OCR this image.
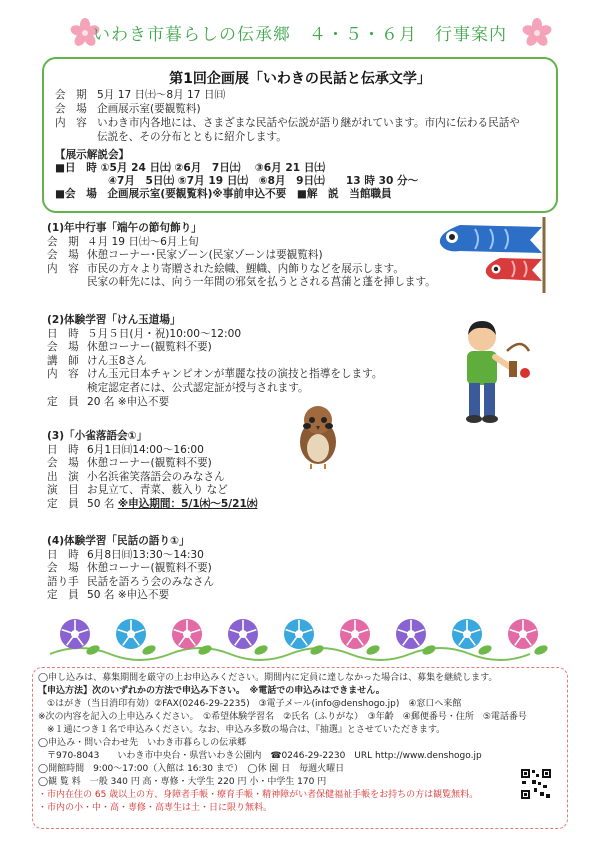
いわき市暮らしの伝承郷　４・５・６月　行事案内
第1回企画展「いわきの民話と伝承文学」
会　期 5月 17 日㈯～8月 17 日㈰
会　場 企画展示室(要観覧料)
内　容 いわき市内各地には、さまざまな民話や伝説が語り継がれています。市内に伝わる民話や
伝説を、その分布とともに紹介します。
【展示解説会】
■日　時 ①5月 24 日㈯ ②6月　7日㈯　 ③6月 21 日㈯
④7月　5日㈯ ⑤7月 19 日㈯　⑥8月　9日㈯　　13 時 30 分～
■会　場　企画展示室(要観覧料)※事前申込不要　■解　説　当館職員
(1)年中行事「端午の節句飾り」
会　期 ４月 19 日㈯～6月上旬
会　場 休憩コーナー･民家ゾーン(民家ゾーンは要観覧料)
内　容 市民の方々より寄贈された絵幟、鯉幟、内飾りなどを展示します。
民家の軒先には、向う一年間の邪気を払うとされる菖蒲と蓬を挿します。
(2)体験学習「けん玉道場」
日　時 ５月５日(月・祝)10:00～12:00
会　場 休憩コーナー(観覧料不要)
講　師 けん玉8さん
内　容 けん玉元日本チャンピオンが華麗な技の演技と指導をします。
検定認定者には、公式認定証が授与されます。
定　員 20 名 ※申込不要
(3)「小雀落語会①」
日　時 6月1日㈰14:00～16:00
会　場 休憩コーナー(観覧料不要)
出　演 小名浜雀笑落語会のみなさん
演　目 お見立て、青菜、薮入り など
定　員 50 名 ※申込期間：5/1㈭～5/21㈬
(4)体験学習「民話の語り①」
日　時 6月8日㈰13:30～14:30
会　場 休憩コーナー(観覧料不要)
語り手 民話を語ろう会のみなさん
定　員 50 名 ※申込不要
◯申し込みは、募集期間を厳守の上お申込みください。期間内に定員に達しなかった場合は、募集を継続します。
【申込方法】次のいずれかの方法で申込み下さい。　※電話での申込みはできません。
　①はがき（当日消印有効）②FAX(0246-29-2235)　③電子メール(info@denshogo.jp)　④窓口へ来館
※次の内容を記入の上申込みください。　①希望体験学習名　②氏名（ふりがな）　③年齢　④郵便番号・住所　⑤電話番号
　※１通につき１名で申込みください。なお、申込み多数の場合は、『抽選』とさせていただきます。
◯申込み・問い合わせ先　いわき市暮らしの伝承郷
　〒970-8043　　いわき市中央台・県営いわき公園内　☎0246-29-2230　URL http://www.denshogo.jp
◯開館時間　9:00～17:00（入館は 16:30 まで）　◯休 園 日　毎週火曜日
◯観 覧 料　一般 340 円 高・専修・大学生 220 円 小・中学生 170 円
・市内在住の 65 歳以上の方、身障者手帳・療育手帳・精神障がい者保健福祉手帳をお持ちの方は観覧無料。
・市内の小・中・高・専修・高専生は土・日に限り無料。
